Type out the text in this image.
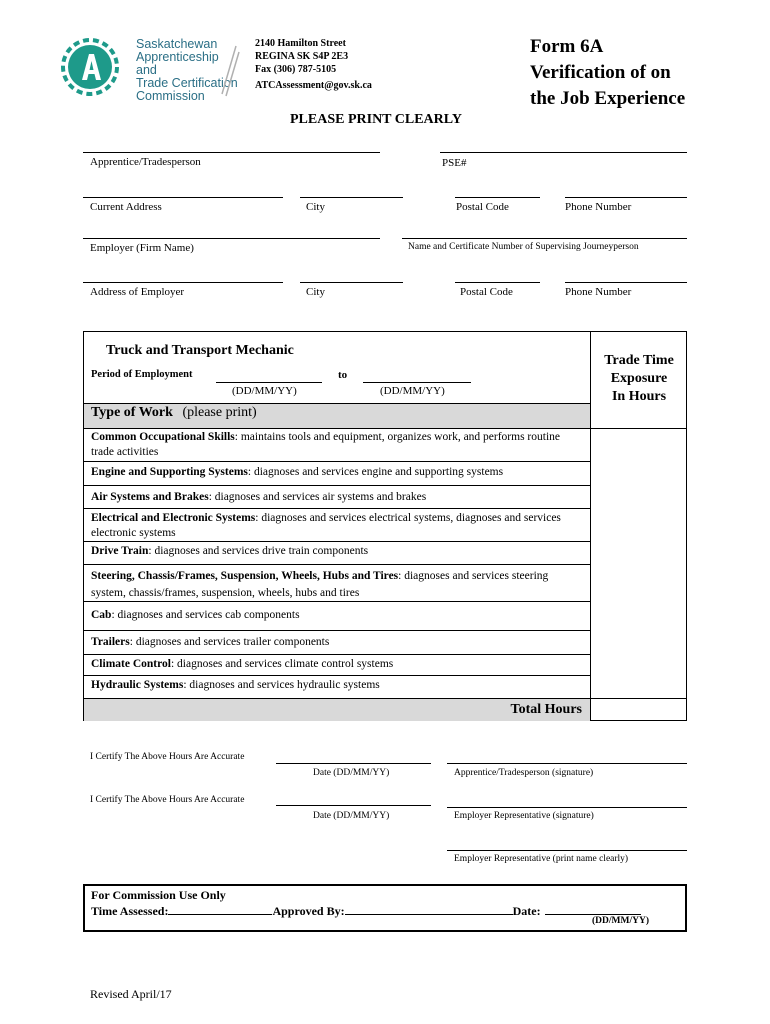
Saskatchewan
Apprenticeship and
Trade Certification
Commission
2140 Hamilton Street
REGINA SK S4P 2E3
Fax (306) 787-5105
ATCAssessment@gov.sk.ca
Form 6A
Verification of on
the Job Experience
PLEASE PRINT CLEARLY
Apprentice/Tradesperson	PSE#
Current Address	City	Postal Code	Phone Number
Employer (Firm Name)	Name and Certificate Number of Supervising Journeyperson
Address of Employer	City	Postal Code	Phone Number
Truck and Transport Mechanic
Period of Employment	to
(DD/MM/YY)	(DD/MM/YY)
Trade Time
Exposure
In Hours
Type of Work (please print)
Common Occupational Skills: maintains tools and equipment, organizes work, and performs routine trade activities
Engine and Supporting Systems: diagnoses and services engine and supporting systems
Air Systems and Brakes: diagnoses and services air systems and brakes
Electrical and Electronic Systems: diagnoses and services electrical systems, diagnoses and services electronic systems
Drive Train: diagnoses and services drive train components
Steering, Chassis/Frames, Suspension, Wheels, Hubs and Tires: diagnoses and services steering system, chassis/frames, suspension, wheels, hubs and tires
Cab: diagnoses and services cab components
Trailers: diagnoses and services trailer components
Climate Control: diagnoses and services climate control systems
Hydraulic Systems: diagnoses and services hydraulic systems
Total Hours
I Certify The Above Hours Are Accurate
Date (DD/MM/YY)	Apprentice/Tradesperson (signature)
I Certify The Above Hours Are Accurate
Date (DD/MM/YY)	Employer Representative (signature)
Employer Representative (print name clearly)
For Commission Use Only
Time Assessed:	Approved By:	Date:
(DD/MM/YY)
Revised April/17
